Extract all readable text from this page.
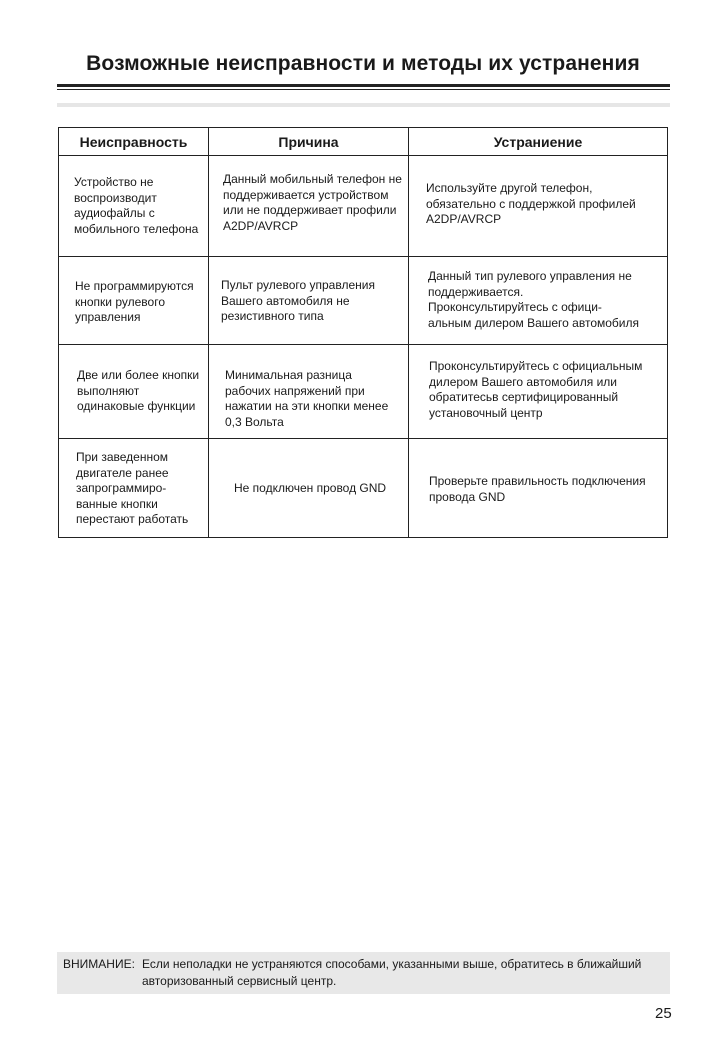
Возможные неисправности и методы их устранения
Неисправность	Причина	Устраниение

Устройство не воспроизводит аудиофайлы с мобильного телефона	Данный мобильный телефон не поддерживается устройством или не поддерживает профили A2DP/AVRCP	Используйте другой телефон, обязательно с поддержкой профилей A2DP/AVRCP

Не программируются кнопки рулевого управления	Пульт рулевого управления Вашего автомобиля не резистивного типа	Данный тип рулевого управления не поддерживается. Проконсультируйтесь с офици- альным дилером Вашего автомобиля

Две или более кнопки выполняют одинаковые функции	Минимальная разница рабочих напряжений при нажатии на эти кнопки менее 0,3 Вольта	Проконсультируйтесь с официальным дилером Вашего автомобиля или обратитесьв сертифицированный установочный центр

При заведенном двигателе ранее запрограммиро-ванные кнопки перестают работать	Не подключен провод GND	Проверьте правильность подключения провода GND
ВНИМАНИЕ: Если неполадки не устраняются способами, указанными выше, обратитесь в ближайший авторизованный сервисный центр.
25
